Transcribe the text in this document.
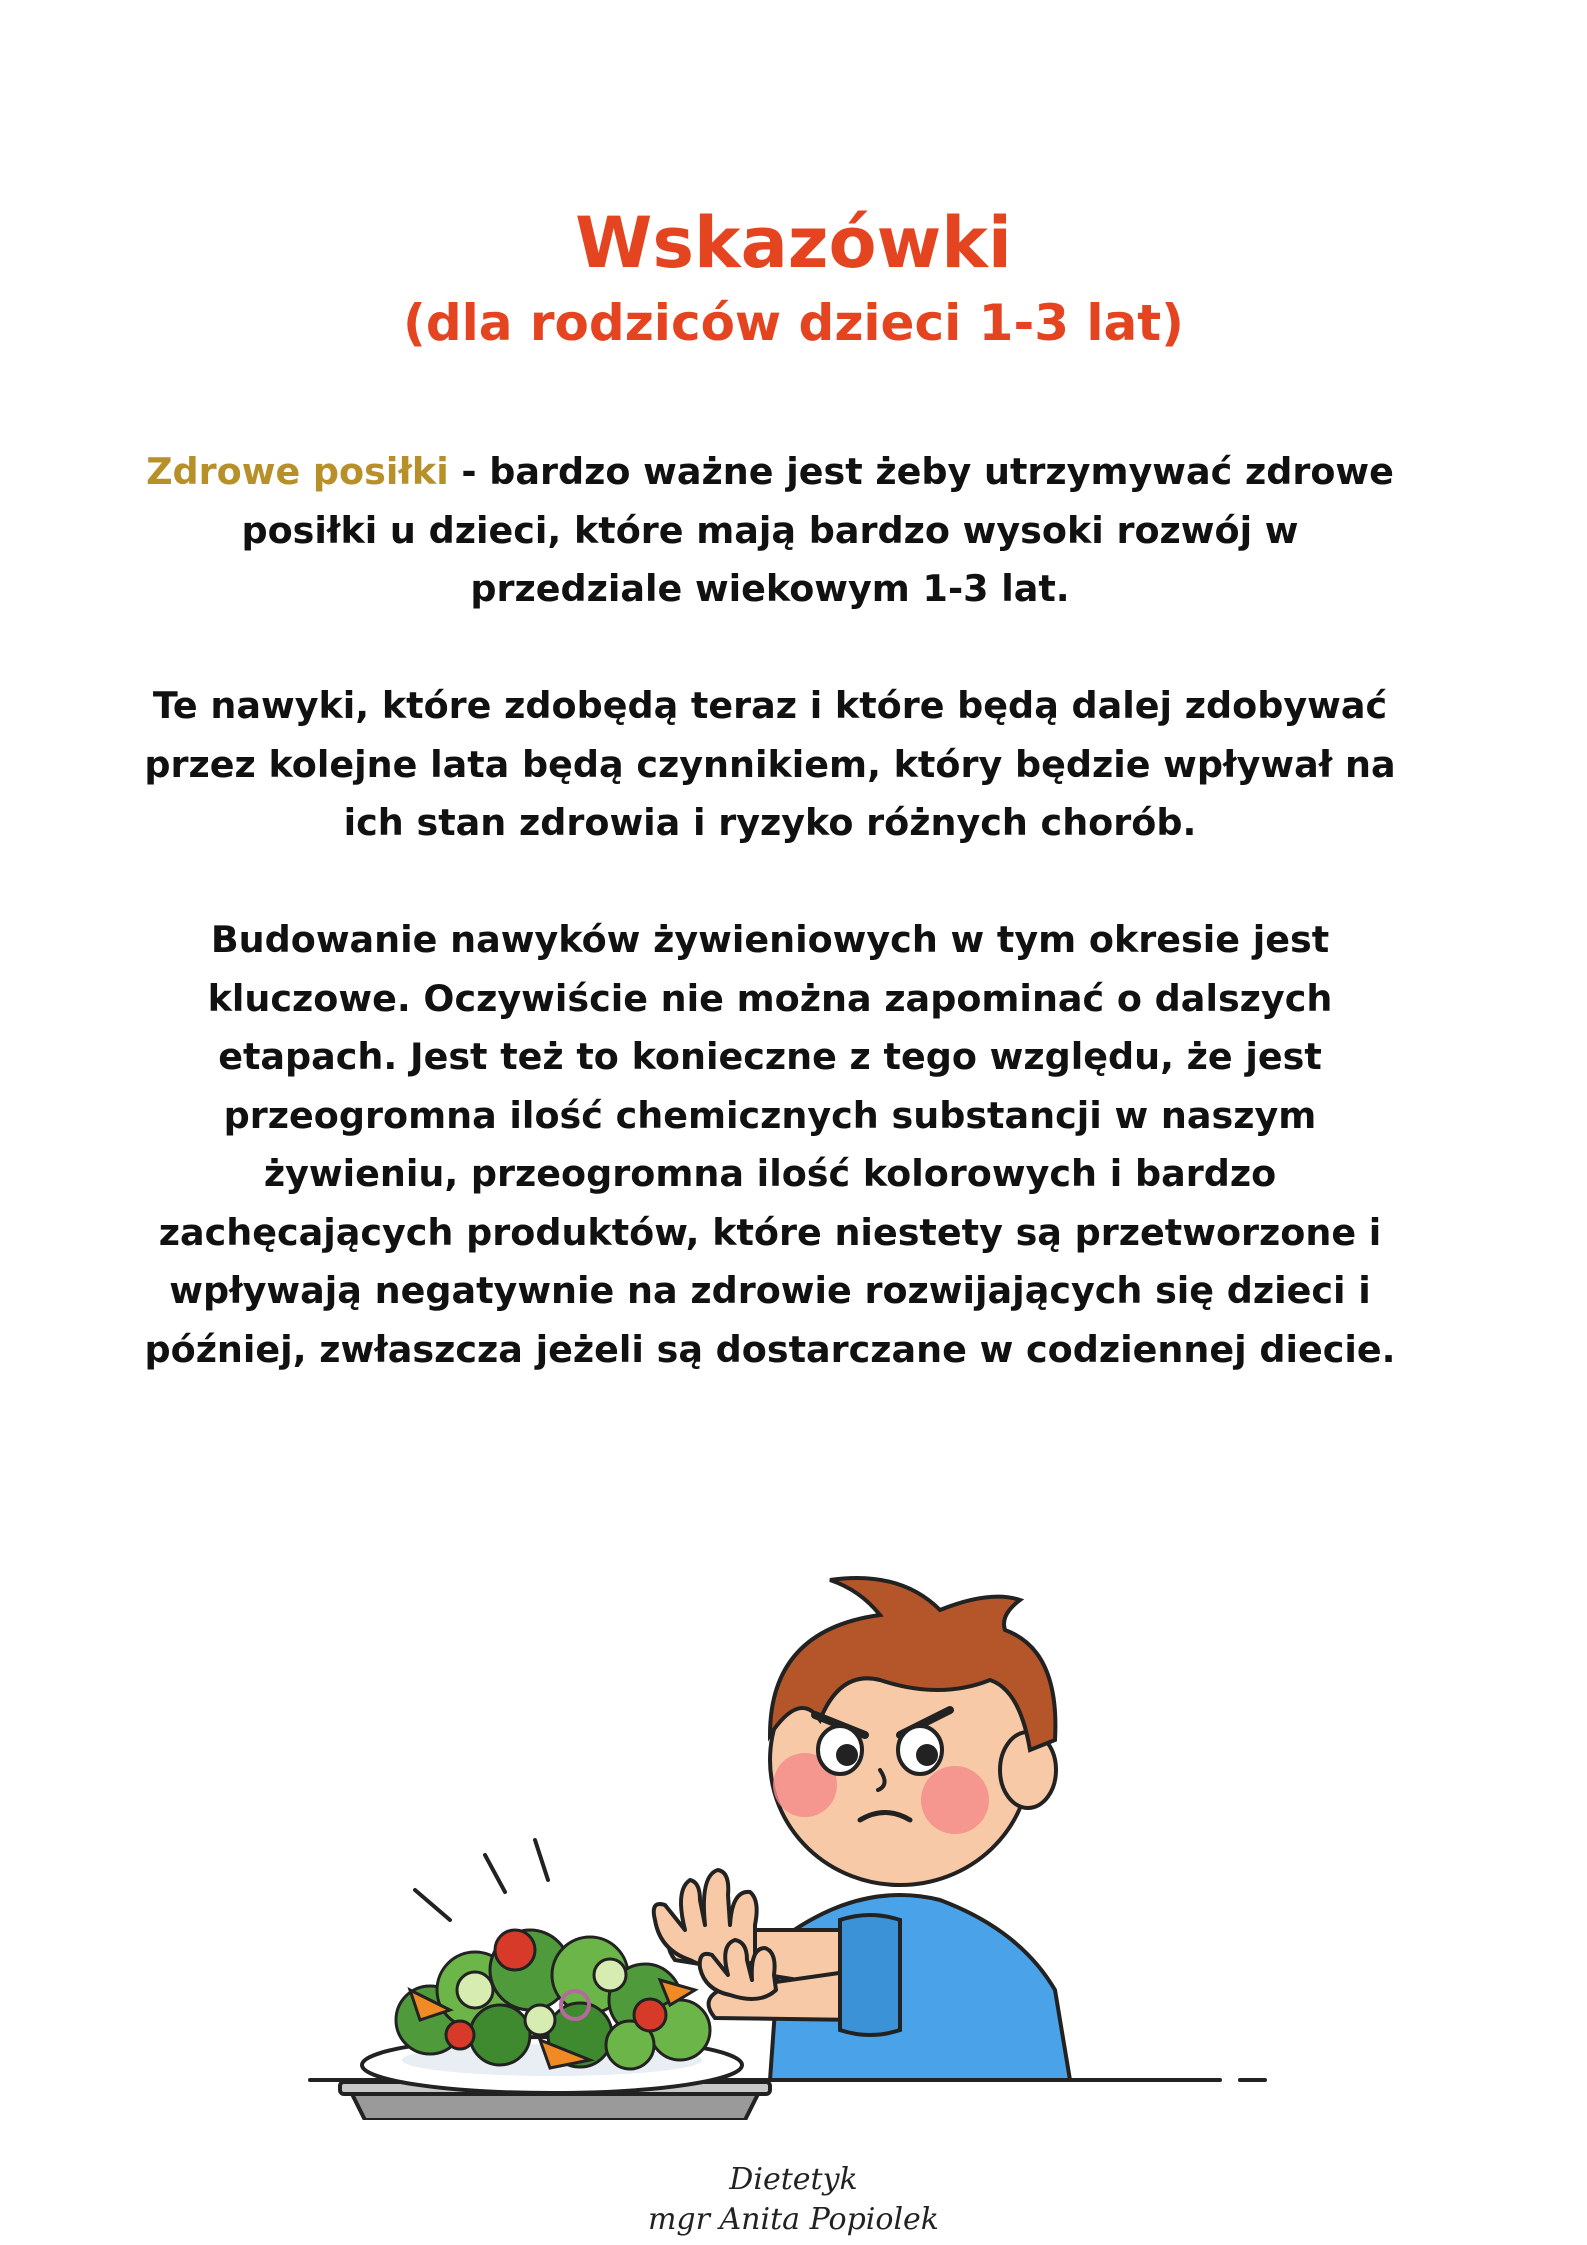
Wskazówki
(dla rodziców dzieci 1-3 lat)

Zdrowe posiłki - bardzo ważne jest żeby utrzymywać zdrowe posiłki u dzieci, które mają bardzo wysoki rozwój w przedziale wiekowym 1-3 lat.

Te nawyki, które zdobędą teraz i które będą dalej zdobywać przez kolejne lata będą czynnikiem, który będzie wpływał na ich stan zdrowia i ryzyko różnych chorób.

Budowanie nawyków żywieniowych w tym okresie jest kluczowe. Oczywiście nie można zapominać o dalszych etapach. Jest też to konieczne z tego względu, że jest przeogromna ilość chemicznych substancji w naszym żywieniu, przeogromna ilość kolorowych i bardzo zachęcających produktów, które niestety są przetworzone i wpływają negatywnie na zdrowie rozwijających się dzieci i później, zwłaszcza jeżeli są dostarczane w codziennej diecie.

Dietetyk
mgr Anita Popiolek
